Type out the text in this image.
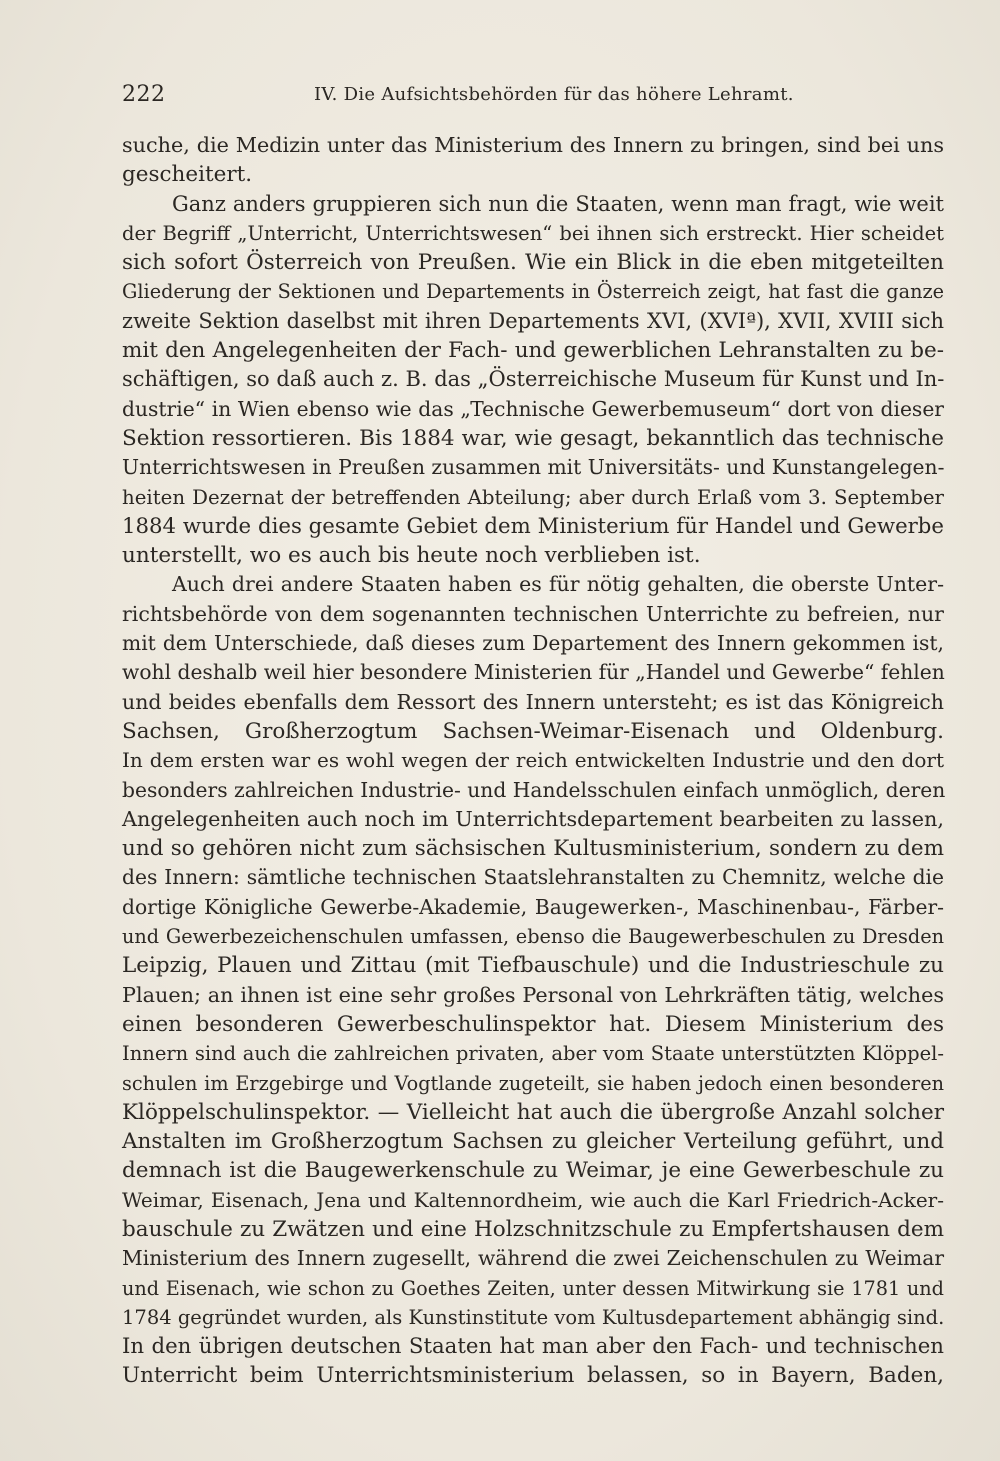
222	IV. Die Aufsichtsbehörden für das höhere Lehramt.
suche, die Medizin unter das Ministerium des Innern zu bringen, sind bei uns
gescheitert.
Ganz anders gruppieren sich nun die Staaten, wenn man fragt, wie weit
der Begriff „Unterricht, Unterrichtswesen“ bei ihnen sich erstreckt. Hier scheidet
sich sofort Österreich von Preußen. Wie ein Blick in die eben mitgeteilten
Gliederung der Sektionen und Departements in Österreich zeigt, hat fast die ganze
zweite Sektion daselbst mit ihren Departements XVI, (XVIª), XVII, XVIII sich
mit den Angelegenheiten der Fach- und gewerblichen Lehranstalten zu be-
schäftigen, so daß auch z. B. das „Österreichische Museum für Kunst und In-
dustrie“ in Wien ebenso wie das „Technische Gewerbemuseum“ dort von dieser
Sektion ressortieren. Bis 1884 war, wie gesagt, bekanntlich das technische
Unterrichtswesen in Preußen zusammen mit Universitäts- und Kunstangelegen-
heiten Dezernat der betreffenden Abteilung; aber durch Erlaß vom 3. September
1884 wurde dies gesamte Gebiet dem Ministerium für Handel und Gewerbe
unterstellt, wo es auch bis heute noch verblieben ist.
Auch drei andere Staaten haben es für nötig gehalten, die oberste Unter-
richtsbehörde von dem sogenannten technischen Unterrichte zu befreien, nur
mit dem Unterschiede, daß dieses zum Departement des Innern gekommen ist,
wohl deshalb weil hier besondere Ministerien für „Handel und Gewerbe“ fehlen
und beides ebenfalls dem Ressort des Innern untersteht; es ist das Königreich
Sachsen, Großherzogtum Sachsen-Weimar-Eisenach und Oldenburg.
In dem ersten war es wohl wegen der reich entwickelten Industrie und den dort
besonders zahlreichen Industrie- und Handelsschulen einfach unmöglich, deren
Angelegenheiten auch noch im Unterrichtsdepartement bearbeiten zu lassen,
und so gehören nicht zum sächsischen Kultusministerium, sondern zu dem
des Innern: sämtliche technischen Staatslehranstalten zu Chemnitz, welche die
dortige Königliche Gewerbe-Akademie, Baugewerken-, Maschinenbau-, Färber-
und Gewerbezeichenschulen umfassen, ebenso die Baugewerbeschulen zu Dresden
Leipzig, Plauen und Zittau (mit Tiefbauschule) und die Industrieschule zu
Plauen; an ihnen ist eine sehr großes Personal von Lehrkräften tätig, welches
einen besonderen Gewerbeschulinspektor hat. Diesem Ministerium des
Innern sind auch die zahlreichen privaten, aber vom Staate unterstützten Klöppel-
schulen im Erzgebirge und Vogtlande zugeteilt, sie haben jedoch einen besonderen
Klöppelschulinspektor. — Vielleicht hat auch die übergroße Anzahl solcher
Anstalten im Großherzogtum Sachsen zu gleicher Verteilung geführt, und
demnach ist die Baugewerkenschule zu Weimar, je eine Gewerbeschule zu
Weimar, Eisenach, Jena und Kaltennordheim, wie auch die Karl Friedrich-Acker-
bauschule zu Zwätzen und eine Holzschnitzschule zu Empfertshausen dem
Ministerium des Innern zugesellt, während die zwei Zeichenschulen zu Weimar
und Eisenach, wie schon zu Goethes Zeiten, unter dessen Mitwirkung sie 1781 und
1784 gegründet wurden, als Kunstinstitute vom Kultusdepartement abhängig sind.
In den übrigen deutschen Staaten hat man aber den Fach- und technischen
Unterricht beim Unterrichtsministerium belassen, so in Bayern, Baden,
